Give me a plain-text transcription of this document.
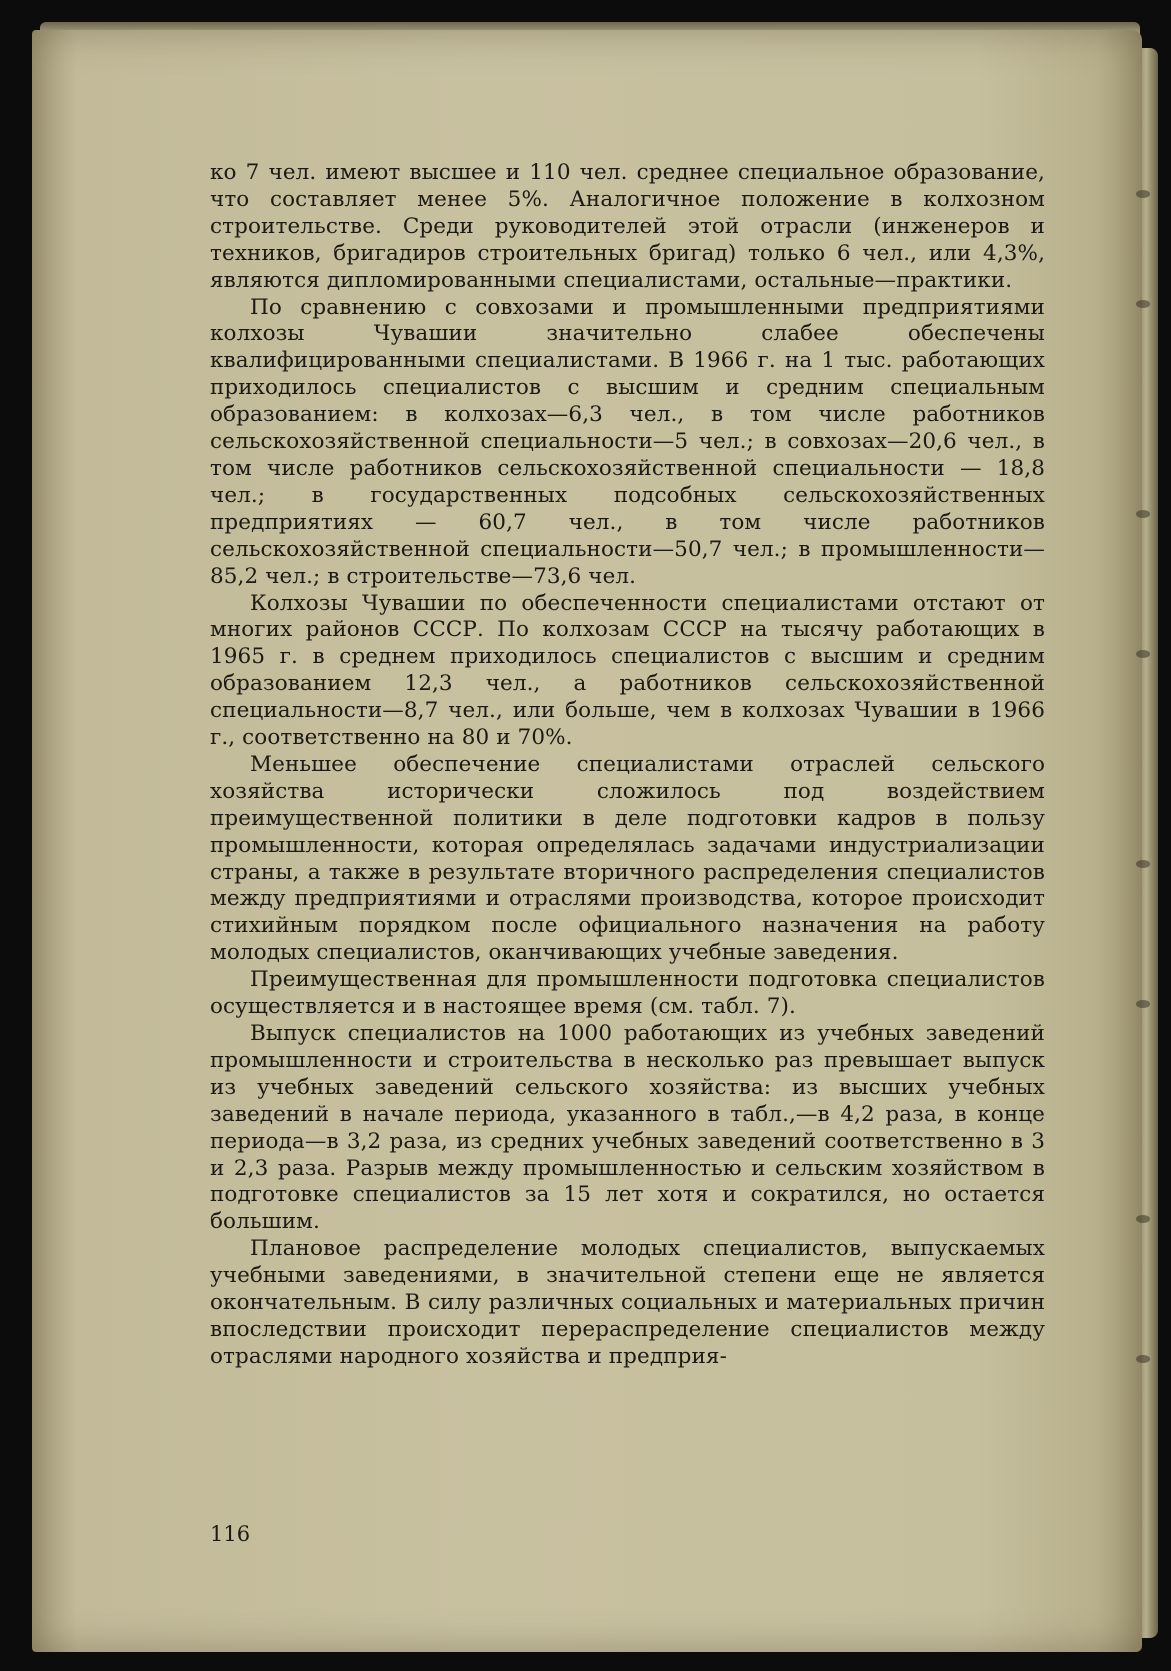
ко 7 чел. имеют высшее и 110 чел. среднее специальное образование, что составляет менее 5%. Аналогичное положение в колхозном строительстве. Среди руководителей этой отрасли (инженеров и техников, бригадиров строительных бригад) только 6 чел., или 4,3%, являются дипломированными специалистами, остальные—практики.

По сравнению с совхозами и промышленными предприятиями колхозы Чувашии значительно слабее обеспечены квалифицированными специалистами. В 1966 г. на 1 тыс. работающих приходилось специалистов с высшим и средним специальным образованием: в колхозах—6,3 чел., в том числе работников сельскохозяйственной специальности—5 чел.; в совхозах—20,6 чел., в том числе работников сельскохозяйственной специальности — 18,8 чел.; в государственных подсобных сельскохозяйственных предприятиях — 60,7 чел., в том числе работников сельскохозяйственной специальности—50,7 чел.; в промышленности—85,2 чел.; в строительстве—73,6 чел.

Колхозы Чувашии по обеспеченности специалистами отстают от многих районов СССР. По колхозам СССР на тысячу работающих в 1965 г. в среднем приходилось специалистов с высшим и средним образованием 12,3 чел., а работников сельскохозяйственной специальности—8,7 чел., или больше, чем в колхозах Чувашии в 1966 г., соответственно на 80 и 70%.

Меньшее обеспечение специалистами отраслей сельского хозяйства исторически сложилось под воздействием преимущественной политики в деле подготовки кадров в пользу промышленности, которая определялась задачами индустриализации страны, а также в результате вторичного распределения специалистов между предприятиями и отраслями производства, которое происходит стихийным порядком после официального назначения на работу молодых специалистов, оканчивающих учебные заведения.

Преимущественная для промышленности подготовка специалистов осуществляется и в настоящее время (см. табл. 7).

Выпуск специалистов на 1000 работающих из учебных заведений промышленности и строительства в несколько раз превышает выпуск из учебных заведений сельского хозяйства: из высших учебных заведений в начале периода, указанного в табл.,—в 4,2 раза, в конце периода—в 3,2 раза, из средних учебных заведений соответственно в 3 и 2,3 раза. Разрыв между промышленностью и сельским хозяйством в подготовке специалистов за 15 лет хотя и сократился, но остается большим.

Плановое распределение молодых специалистов, выпускаемых учебными заведениями, в значительной степени еще не является окончательным. В силу различных социальных и материальных причин впоследствии происходит перераспределение специалистов между отраслями народного хозяйства и предприя-

116
